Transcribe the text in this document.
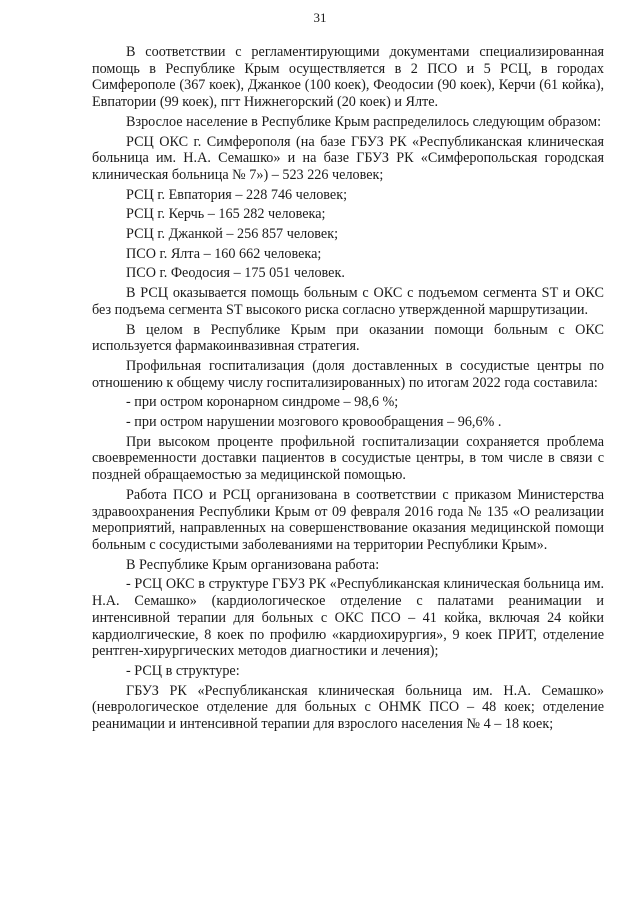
31

В соответствии с регламентирующими документами специализированная помощь в Республике Крым осуществляется в 2 ПСО и 5 РСЦ, в городах Симферополе (367 коек), Джанкое (100 коек), Феодосии (90 коек), Керчи (61 койка), Евпатории (99 коек), пгт Нижнегорский (20 коек) и Ялте.

Взрослое население в Республике Крым распределилось следующим образом:

РСЦ ОКС г. Симферополя (на базе ГБУЗ РК «Республиканская клиническая больница им. Н.А. Семашко» и на базе ГБУЗ РК «Симферопольская городская клиническая больница № 7») – 523 226 человек;

РСЦ г. Евпатория – 228 746 человек;

РСЦ г. Керчь – 165 282 человека;

РСЦ г. Джанкой – 256 857 человек;

ПСО г. Ялта – 160 662 человека;

ПСО г. Феодосия – 175 051 человек.

В РСЦ оказывается помощь больным с ОКС с подъемом сегмента ST и ОКС без подъема сегмента ST высокого риска согласно утвержденной маршрутизации.

В целом в Республике Крым при оказании помощи больным с ОКС используется фармакоинвазивная стратегия.

Профильная госпитализация (доля доставленных в сосудистые центры по отношению к общему числу госпитализированных) по итогам 2022 года составила:

- при остром коронарном синдроме – 98,6 %;

- при остром нарушении мозгового кровообращения – 96,6% .

При высоком проценте профильной госпитализации сохраняется проблема своевременности доставки пациентов в сосудистые центры, в том числе в связи с поздней обращаемостью за медицинской помощью.

Работа ПСО и РСЦ организована в соответствии с приказом Министерства здравоохранения Республики Крым от 09 февраля 2016 года № 135 «О реализации мероприятий, направленных на совершенствование оказания медицинской помощи больным с сосудистыми заболеваниями на территории Республики Крым».

В Республике Крым организована работа:

- РСЦ ОКС в структуре ГБУЗ РК «Республиканская клиническая больница им. Н.А. Семашко» (кардиологическое отделение с палатами реанимации и интенсивной терапии для больных с ОКС ПСО – 41 койка, включая 24 койки кардиолгические, 8 коек по профилю «кардиохирургия», 9 коек ПРИТ, отделение рентген-хирургических методов диагностики и лечения);

- РСЦ в структуре:

ГБУЗ РК «Республиканская клиническая больница им. Н.А. Семашко» (неврологическое отделение для больных с ОНМК ПСО – 48 коек; отделение реанимации и интенсивной терапии для взрослого населения № 4 – 18 коек;
